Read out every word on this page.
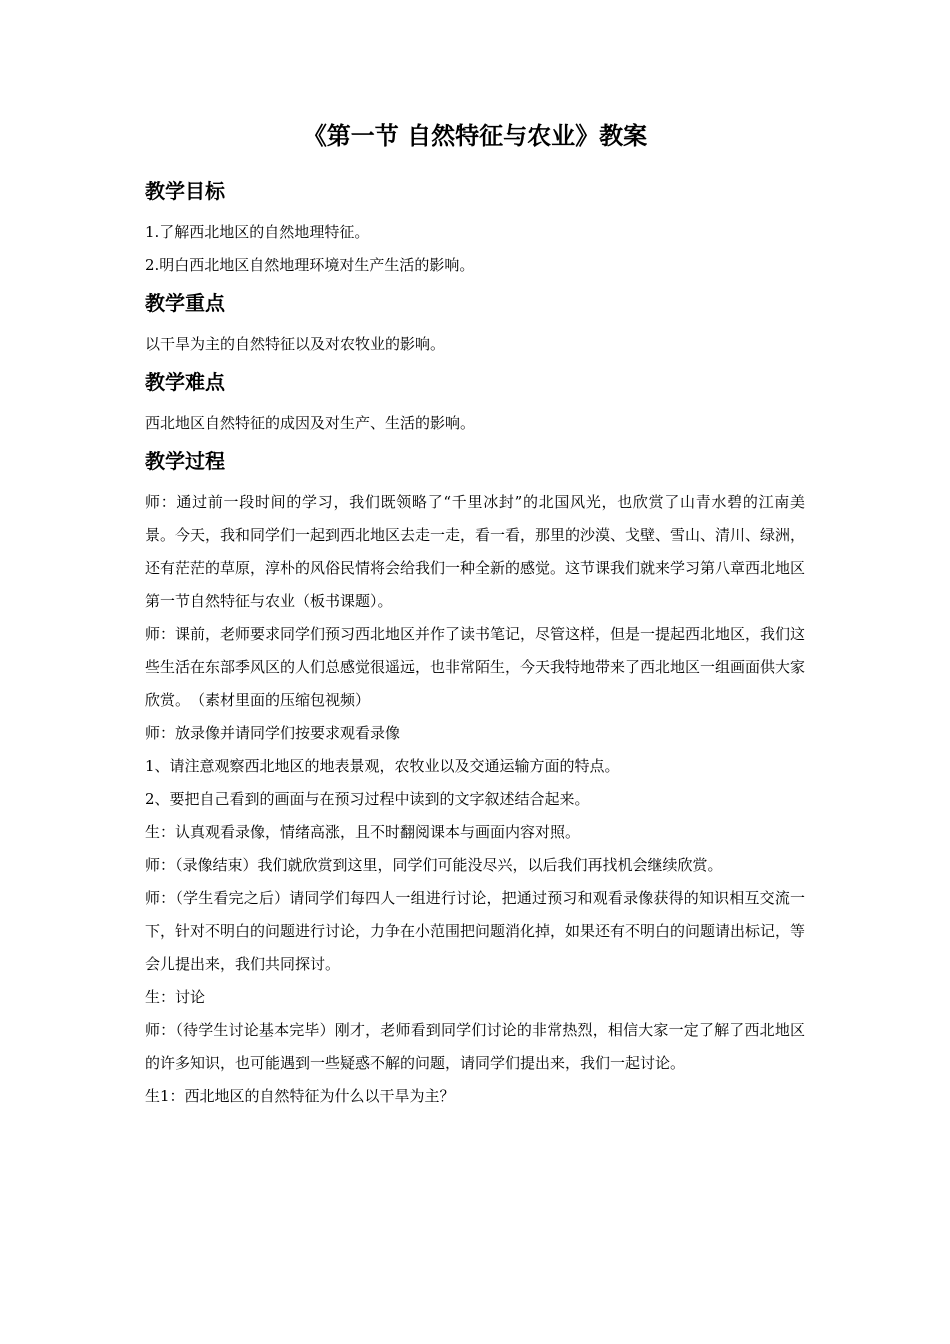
《第一节 自然特征与农业》教案
教学目标

1.了解西北地区的自然地理特征。

2.明白西北地区自然地理环境对生产生活的影响。

教学重点

以干旱为主的自然特征以及对农牧业的影响。

教学难点

西北地区自然特征的成因及对生产、生活的影响。

教学过程

师：通过前一段时间的学习，我们既领略了“千里冰封”的北国风光，也欣赏了山青水碧的江南美景。今天，我和同学们一起到西北地区去走一走，看一看，那里的沙漠、戈壁、雪山、清川、绿洲，还有茫茫的草原，淳朴的风俗民情将会给我们一种全新的感觉。这节课我们就来学习第八章西北地区第一节自然特征与农业（板书课题）。

师：课前，老师要求同学们预习西北地区并作了读书笔记，尽管这样，但是一提起西北地区，我们这些生活在东部季风区的人们总感觉很遥远，也非常陌生，今天我特地带来了西北地区一组画面供大家欣赏。　（素材里面的压缩包视频）

师：放录像并请同学们按要求观看录像

1、请注意观察西北地区的地表景观，农牧业以及交通运输方面的特点。

2、要把自己看到的画面与在预习过程中读到的文字叙述结合起来。

生：认真观看录像，情绪高涨，且不时翻阅课本与画面内容对照。

师：（录像结束）我们就欣赏到这里，同学们可能没尽兴，以后我们再找机会继续欣赏。

师：（学生看完之后）请同学们每四人一组进行讨论，把通过预习和观看录像获得的知识相互交流一下，针对不明白的问题进行讨论，力争在小范围把问题消化掉，如果还有不明白的问题请出标记，等会儿提出来，我们共同探讨。

生：讨论

师：（待学生讨论基本完毕）刚才，老师看到同学们讨论的非常热烈，相信大家一定了解了西北地区的许多知识，也可能遇到一些疑惑不解的问题，请同学们提出来，我们一起讨论。

生1：西北地区的自然特征为什么以干旱为主？
